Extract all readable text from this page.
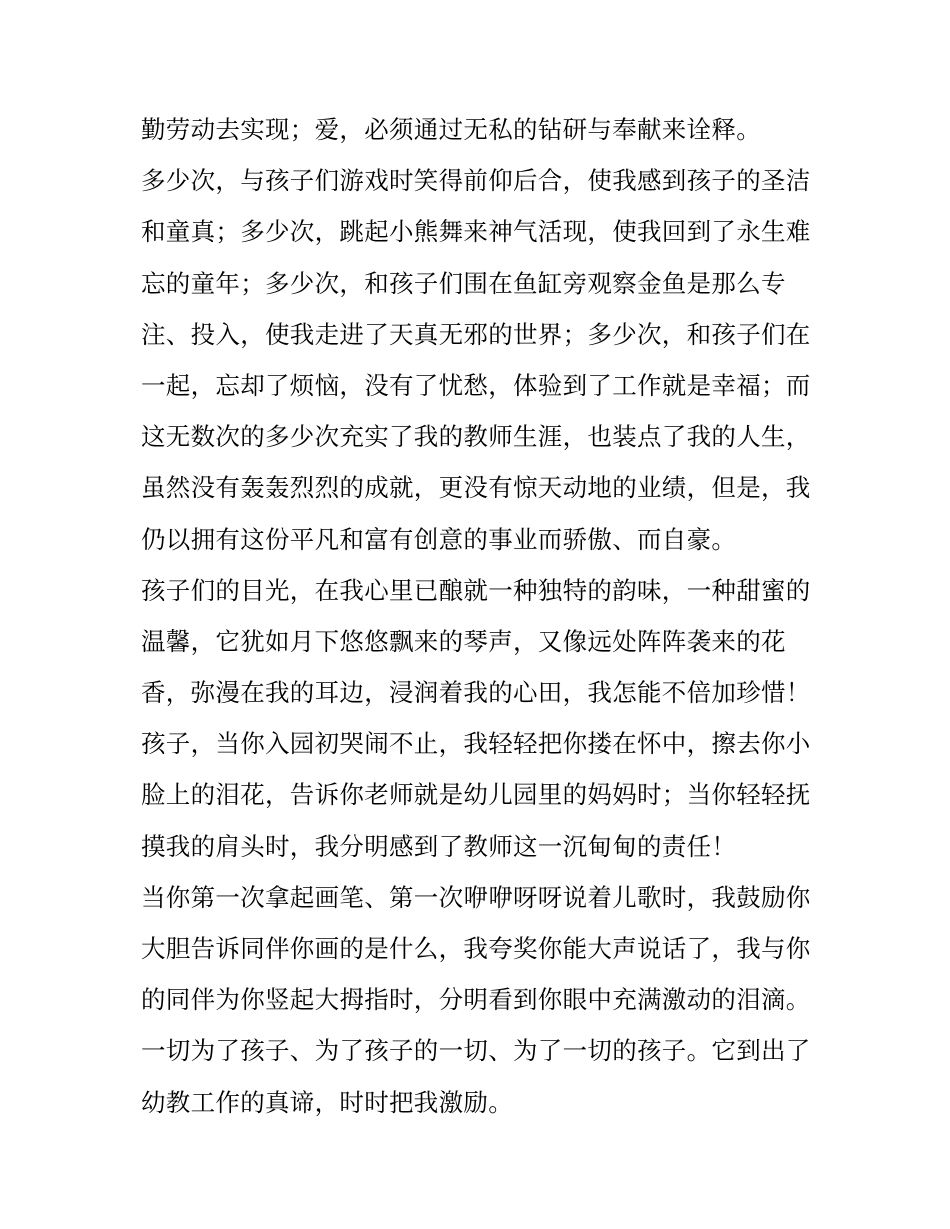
勤劳动去实现；爱，必须通过无私的钻研与奉献来诠释。
多少次，与孩子们游戏时笑得前仰后合，使我感到孩子的圣洁
和童真；多少次，跳起小熊舞来神气活现，使我回到了永生难
忘的童年；多少次，和孩子们围在鱼缸旁观察金鱼是那么专
注、投入，使我走进了天真无邪的世界；多少次，和孩子们在
一起，忘却了烦恼，没有了忧愁，体验到了工作就是幸福；而
这无数次的多少次充实了我的教师生涯，也装点了我的人生，
虽然没有轰轰烈烈的成就，更没有惊天动地的业绩，但是，我
仍以拥有这份平凡和富有创意的事业而骄傲、而自豪。
孩子们的目光，在我心里已酿就一种独特的韵味，一种甜蜜的
温馨，它犹如月下悠悠飘来的琴声，又像远处阵阵袭来的花
香，弥漫在我的耳边，浸润着我的心田，我怎能不倍加珍惜！
孩子，当你入园初哭闹不止，我轻轻把你搂在怀中，擦去你小
脸上的泪花，告诉你老师就是幼儿园里的妈妈时；当你轻轻抚
摸我的肩头时，我分明感到了教师这一沉甸甸的责任！
当你第一次拿起画笔、第一次咿咿呀呀说着儿歌时，我鼓励你
大胆告诉同伴你画的是什么，我夸奖你能大声说话了，我与你
的同伴为你竖起大拇指时，分明看到你眼中充满激动的泪滴。
一切为了孩子、为了孩子的一切、为了一切的孩子。它到出了
幼教工作的真谛，时时把我激励。
